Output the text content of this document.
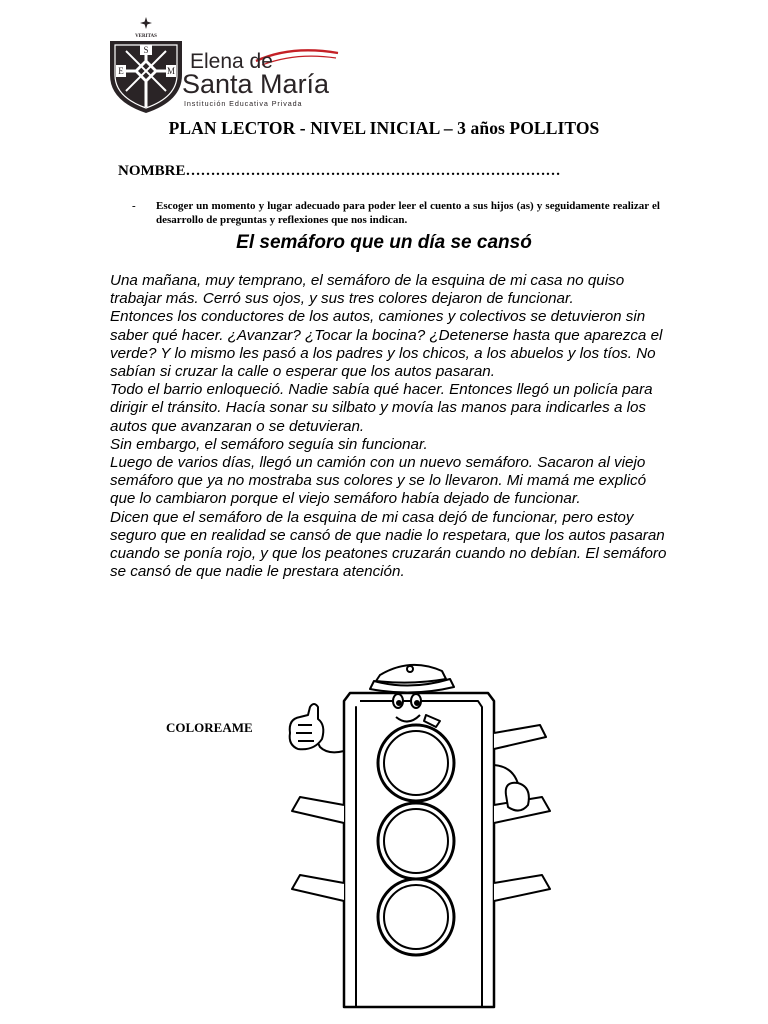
VERITAS
S
E	M Elena de
Santa María
Institución Educativa Privada
PLAN LECTOR - NIVEL INICIAL – 3 años POLLITOS
NOMBRE…………………………………………………………………
- Escoger un momento y lugar adecuado para poder leer el cuento a sus hijos (as) y seguidamente realizar el desarrollo de preguntas y reflexiones que nos indican.
El semáforo que un día se cansó

Una mañana, muy temprano, el semáforo de la esquina de mi casa no quiso trabajar más. Cerró sus ojos, y sus tres colores dejaron de funcionar.

Entonces los conductores de los autos, camiones y colectivos se detuvieron sin saber qué hacer. ¿Avanzar? ¿Tocar la bocina? ¿Detenerse hasta que aparezca el verde? Y lo mismo les pasó a los padres y los chicos, a los abuelos y los tíos. No sabían si cruzar la calle o esperar que los autos pasaran.

Todo el barrio enloqueció. Nadie sabía qué hacer. Entonces llegó un policía para dirigir el tránsito. Hacía sonar su silbato y movía las manos para indicarles a los autos que avanzaran o se detuvieran.

Sin embargo, el semáforo seguía sin funcionar.

Luego de varios días, llegó un camión con un nuevo semáforo. Sacaron al viejo semáforo que ya no mostraba sus colores y se lo llevaron. Mi mamá me explicó que lo cambiaron porque el viejo semáforo había dejado de funcionar.

Dicen que el semáforo de la esquina de mi casa dejó de funcionar, pero estoy seguro que en realidad se cansó de que nadie lo respetara, que los autos pasaran cuando se ponía rojo, y que los peatones cruzarán cuando no debían. El semáforo se cansó de que nadie le prestara atención.

COLOREAME
